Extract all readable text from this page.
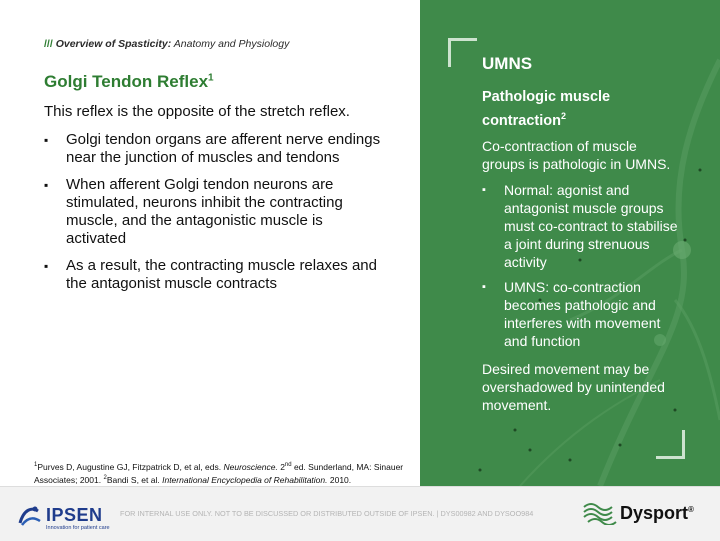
/// Overview of Spasticity: Anatomy and Physiology
Golgi Tendon Reflex$^1$

This reflex is the opposite of the stretch reflex.

▪ Golgi tendon organs are afferent nerve endings near the junction of muscles and tendons
▪ When afferent Golgi tendon neurons are stimulated, neurons inhibit the contracting muscle, and the antagonistic muscle is activated
▪ As a result, the contracting muscle relaxes and the antagonist muscle contracts
$^1$Purves D, Augustine GJ, Fitzpatrick D, et al, eds. Neuroscience. 2nd ed. Sunderland, MA: Sinauer Associates; 2001. $^2$Bandi S, et al. International Encyclopedia of Rehabilitation. 2010.
UMNS
Pathologic muscle contraction$^2$

Co-contraction of muscle groups is pathologic in UMNS.

▪ Normal: agonist and antagonist muscle groups must co-contract to stabilise a joint during strenuous activity
▪ UMNS: co-contraction becomes pathologic and interferes with movement and function

Desired movement may be overshadowed by unintended movement.

IPSEN
Innovation for patient care
FOR INTERNAL USE ONLY. NOT TO BE DISCUSSED OR DISTRIBUTED OUTSIDE OF IPSEN. | DYS00982 AND DYSOO984	Dysport®
